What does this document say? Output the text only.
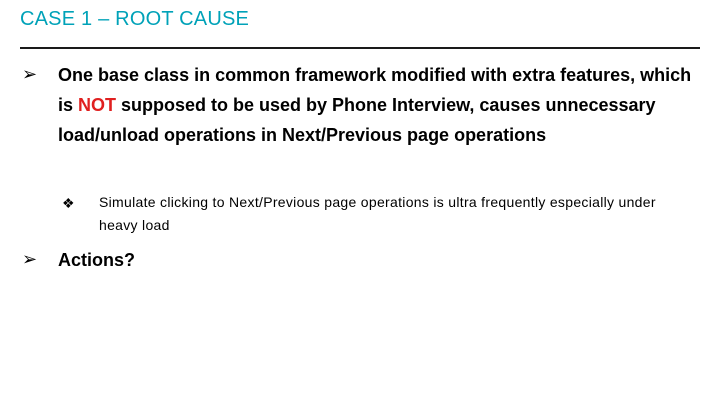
CASE 1 – ROOT CAUSE
➢ One base class in common framework modified with extra features, which is NOT supposed to be used by Phone Interview, causes unnecessary load/unload operations in Next/Previous page operations
❖ Simulate clicking to Next/Previous page operations is ultra frequently especially under heavy load
➢ Actions?
